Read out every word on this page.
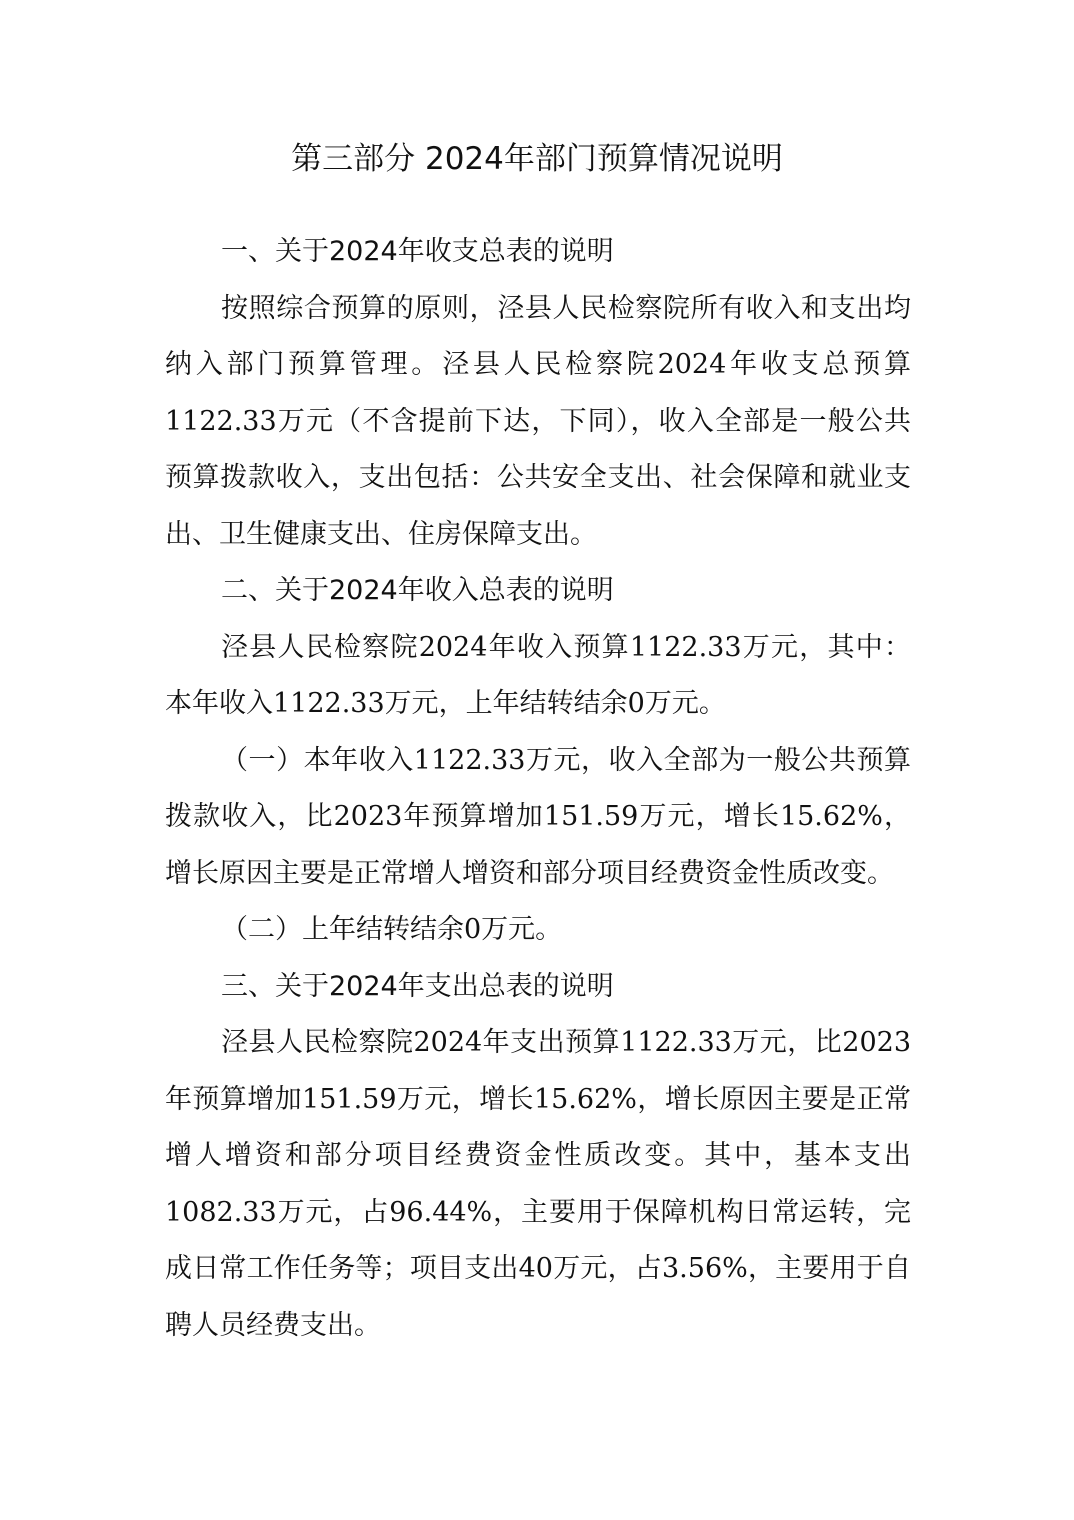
第三部分 2024年部门预算情况说明
一、关于2024年收支总表的说明

按照综合预算的原则，泾县人民检察院所有收入和支出均纳入部门预算管理。泾县人民检察院2024年收支总预算1122.33万元（不含提前下达，下同），收入全部是一般公共预算拨款收入，支出包括：公共安全支出、社会保障和就业支出、卫生健康支出、住房保障支出。

二、关于2024年收入总表的说明

泾县人民检察院2024年收入预算1122.33万元，其中：本年收入1122.33万元，上年结转结余0万元。

（一）本年收入1122.33万元，收入全部为一般公共预算拨款收入，比2023年预算增加151.59万元，增长15.62%，增长原因主要是正常增人增资和部分项目经费资金性质改变。

（二）上年结转结余0万元。

三、关于2024年支出总表的说明

泾县人民检察院2024年支出预算1122.33万元，比2023年预算增加151.59万元，增长15.62%，增长原因主要是正常增人增资和部分项目经费资金性质改变。其中，基本支出1082.33万元，占96.44%，主要用于保障机构日常运转，完成日常工作任务等；项目支出40万元，占3.56%，主要用于自聘人员经费支出。
